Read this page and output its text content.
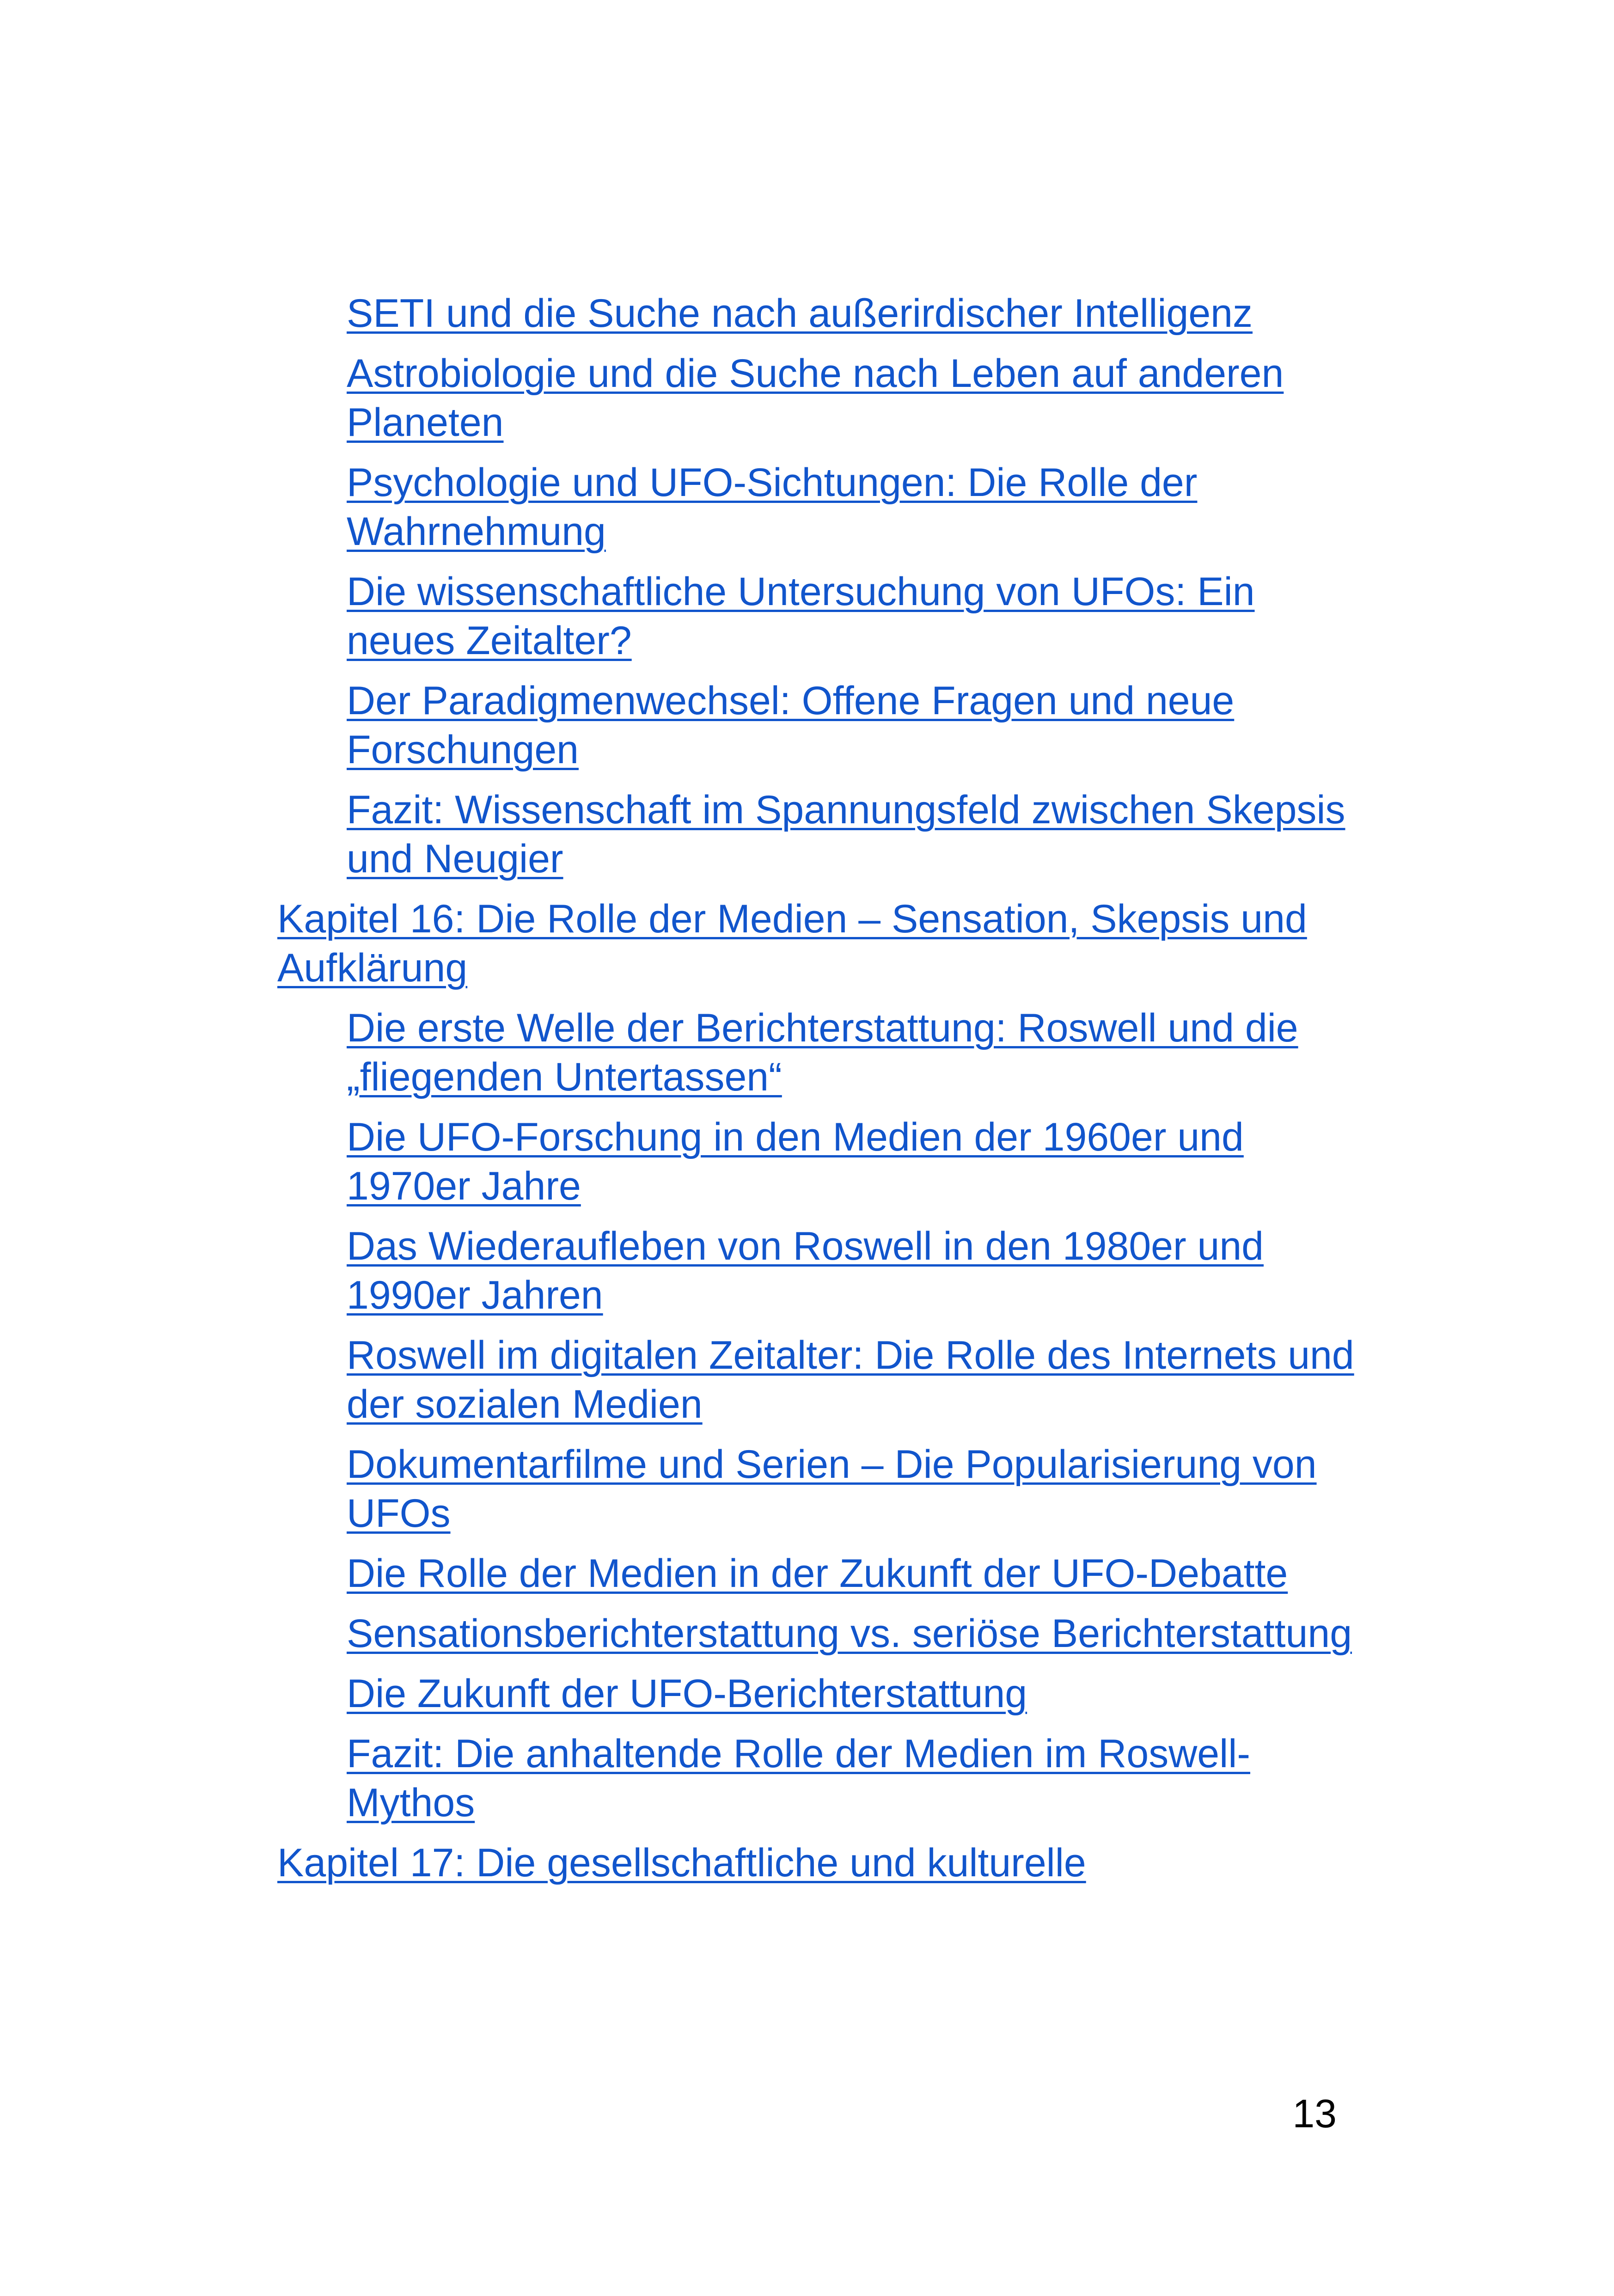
SETI und die Suche nach außerirdischer Intelligenz
Astrobiologie und die Suche nach Leben auf anderen Planeten
Psychologie und UFO-Sichtungen: Die Rolle der Wahrnehmung
Die wissenschaftliche Untersuchung von UFOs: Ein neues Zeitalter?
Der Paradigmenwechsel: Offene Fragen und neue Forschungen
Fazit: Wissenschaft im Spannungsfeld zwischen Skepsis und Neugier
Kapitel 16: Die Rolle der Medien – Sensation, Skepsis und Aufklärung
Die erste Welle der Berichterstattung: Roswell und die „fliegenden Untertassen“
Die UFO-Forschung in den Medien der 1960er und 1970er Jahre
Das Wiederaufleben von Roswell in den 1980er und 1990er Jahren
Roswell im digitalen Zeitalter: Die Rolle des Internets und der sozialen Medien
Dokumentarfilme und Serien – Die Popularisierung von UFOs
Die Rolle der Medien in der Zukunft der UFO-Debatte
Sensationsberichterstattung vs. seriöse Berichterstattung
Die Zukunft der UFO-Berichterstattung
Fazit: Die anhaltende Rolle der Medien im Roswell-Mythos
Kapitel 17: Die gesellschaftliche und kulturelle
13
